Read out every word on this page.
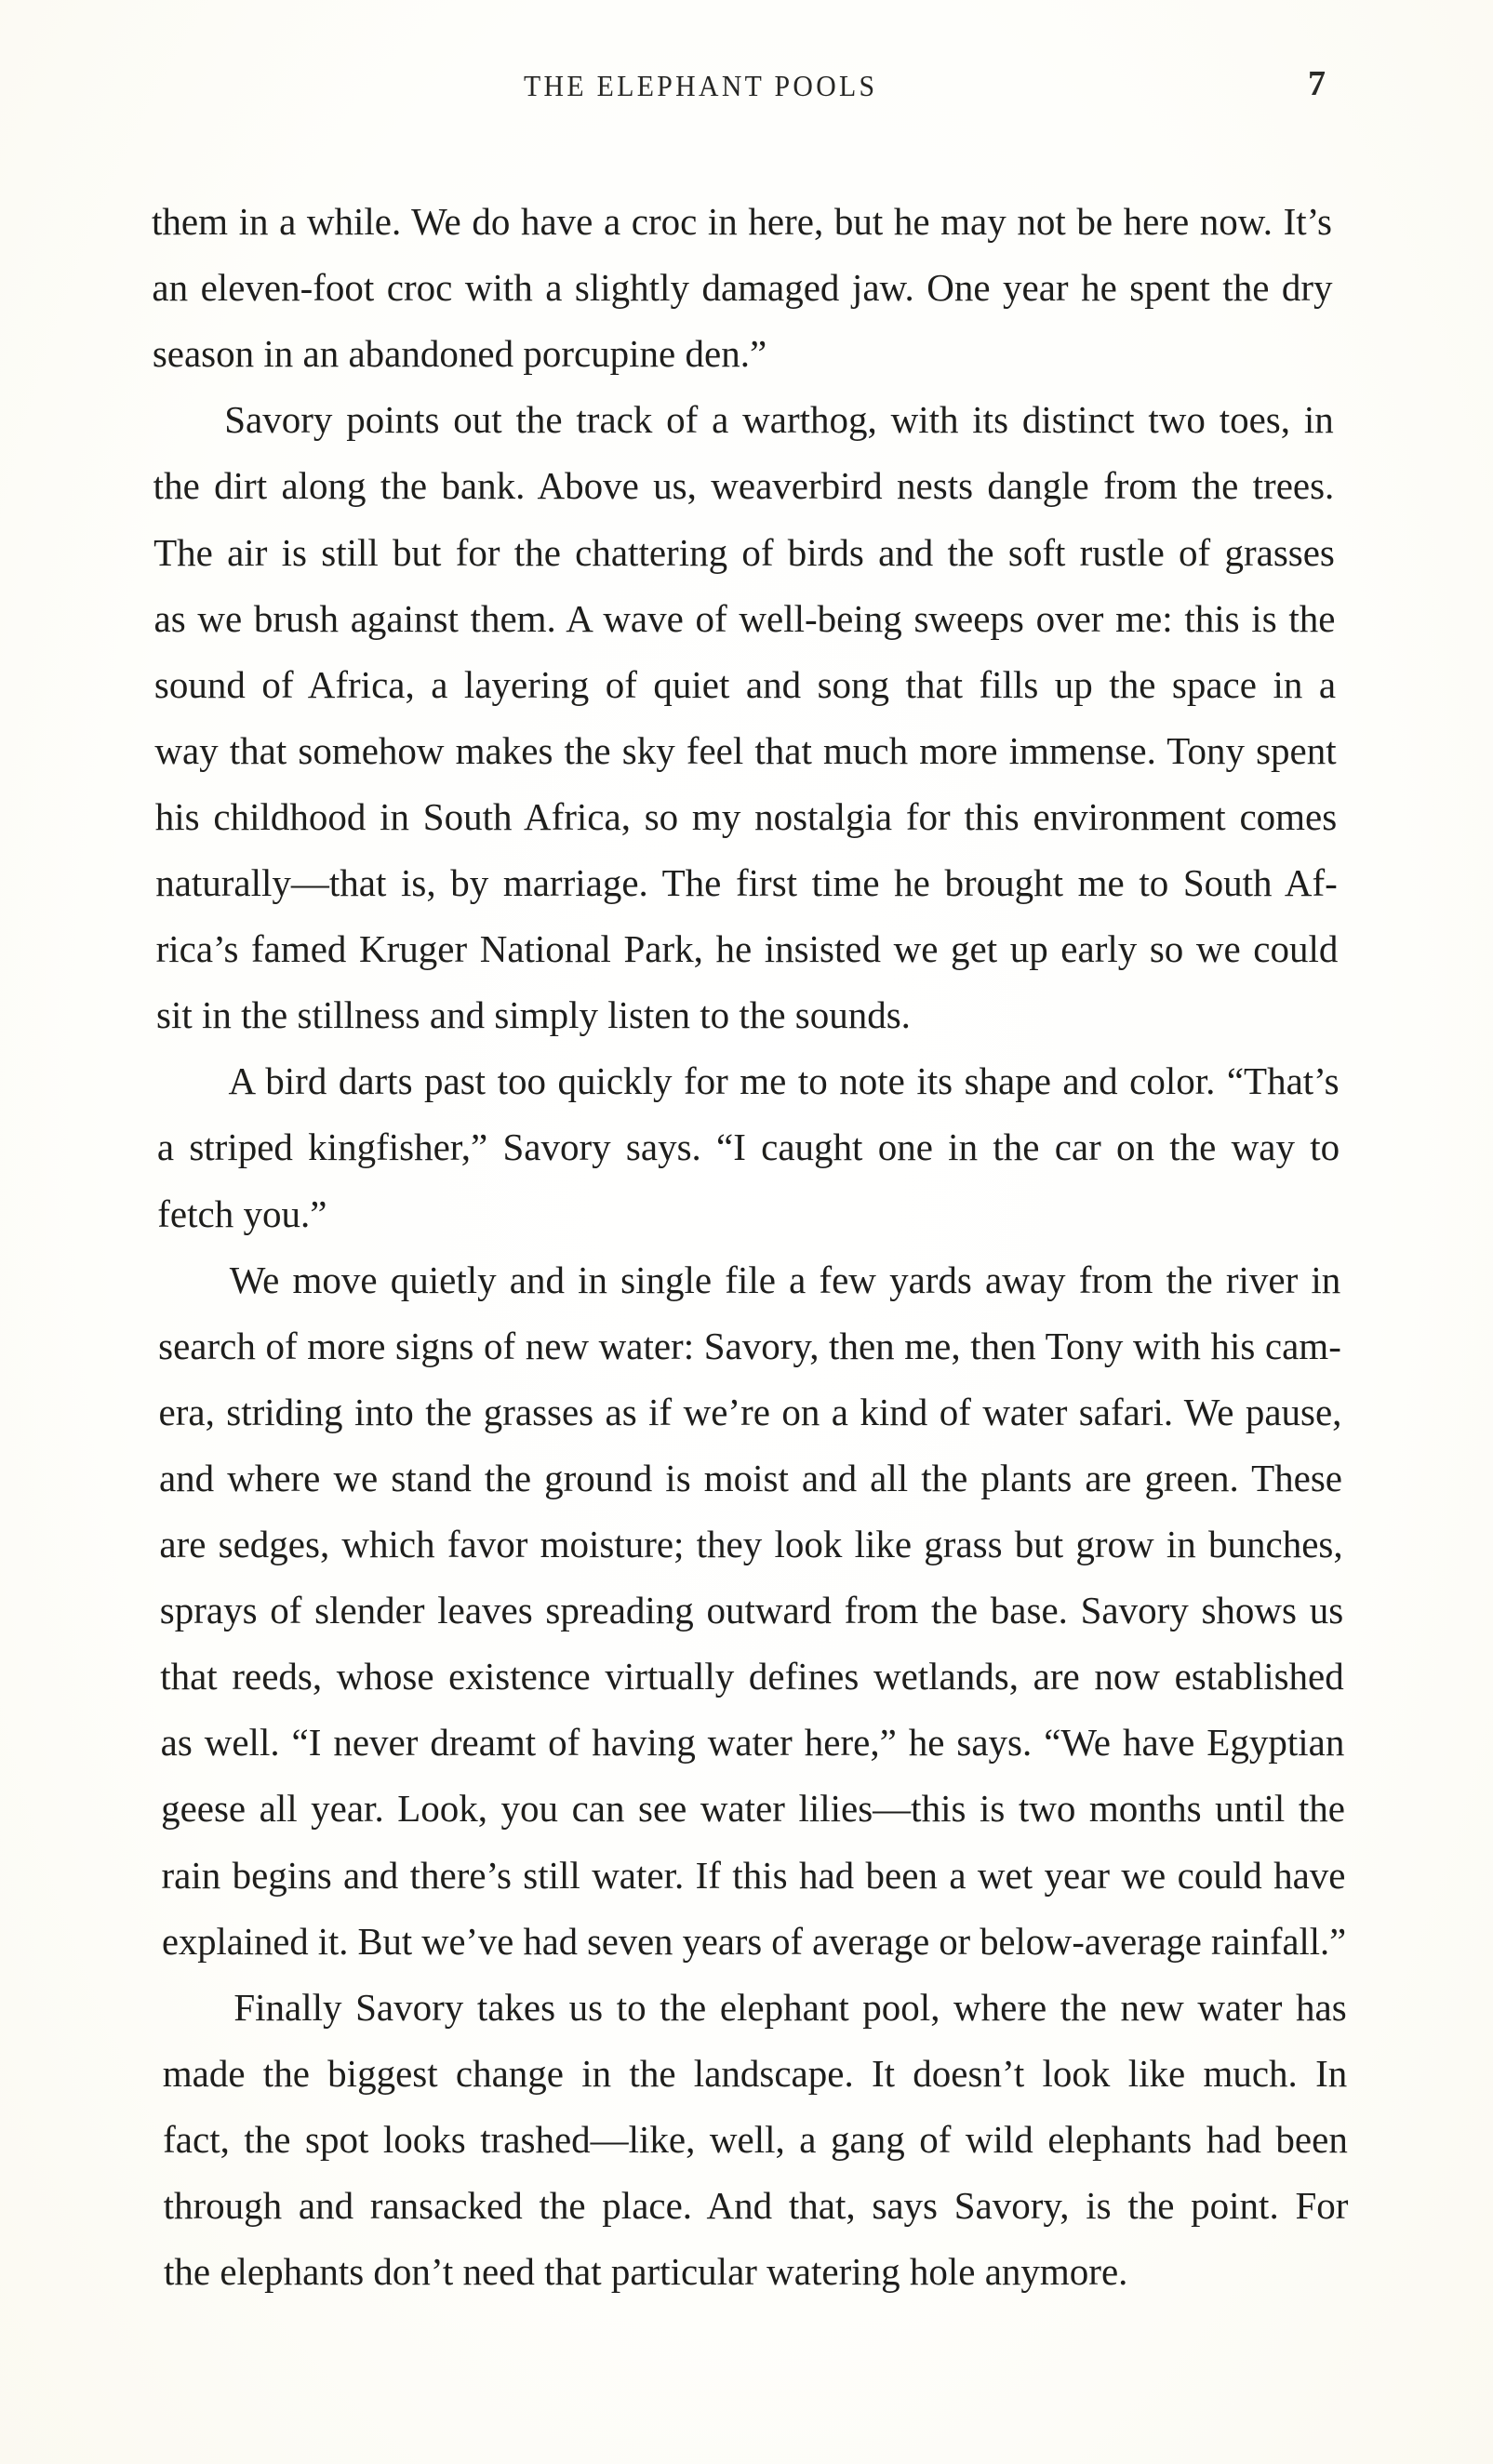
THE ELEPHANT POOLS	7
them in a while. We do have a croc in here, but he may not be here now. It’s
an eleven-foot croc with a slightly damaged jaw. One year he spent the dry
season in an abandoned porcupine den.”
Savory points out the track of a warthog, with its distinct two toes, in
the dirt along the bank. Above us, weaverbird nests dangle from the trees.
The air is still but for the chattering of birds and the soft rustle of grasses
as we brush against them. A wave of well-being sweeps over me: this is the
sound of Africa, a layering of quiet and song that fills up the space in a
way that somehow makes the sky feel that much more immense. Tony spent
his childhood in South Africa, so my nostalgia for this environment comes
naturally—that is, by marriage. The first time he brought me to South Af-
rica’s famed Kruger National Park, he insisted we get up early so we could
sit in the stillness and simply listen to the sounds.
A bird darts past too quickly for me to note its shape and color. “That’s
a striped kingfisher,” Savory says. “I caught one in the car on the way to
fetch you.”
We move quietly and in single file a few yards away from the river in
search of more signs of new water: Savory, then me, then Tony with his cam-
era, striding into the grasses as if we’re on a kind of water safari. We pause,
and where we stand the ground is moist and all the plants are green. These
are sedges, which favor moisture; they look like grass but grow in bunches,
sprays of slender leaves spreading outward from the base. Savory shows us
that reeds, whose existence virtually defines wetlands, are now established
as well. “I never dreamt of having water here,” he says. “We have Egyptian
geese all year. Look, you can see water lilies—this is two months until the
rain begins and there’s still water. If this had been a wet year we could have
explained it. But we’ve had seven years of average or below-average rainfall.”
Finally Savory takes us to the elephant pool, where the new water has
made the biggest change in the landscape. It doesn’t look like much. In
fact, the spot looks trashed—like, well, a gang of wild elephants had been
through and ransacked the place. And that, says Savory, is the point. For
the elephants don’t need that particular watering hole anymore.
